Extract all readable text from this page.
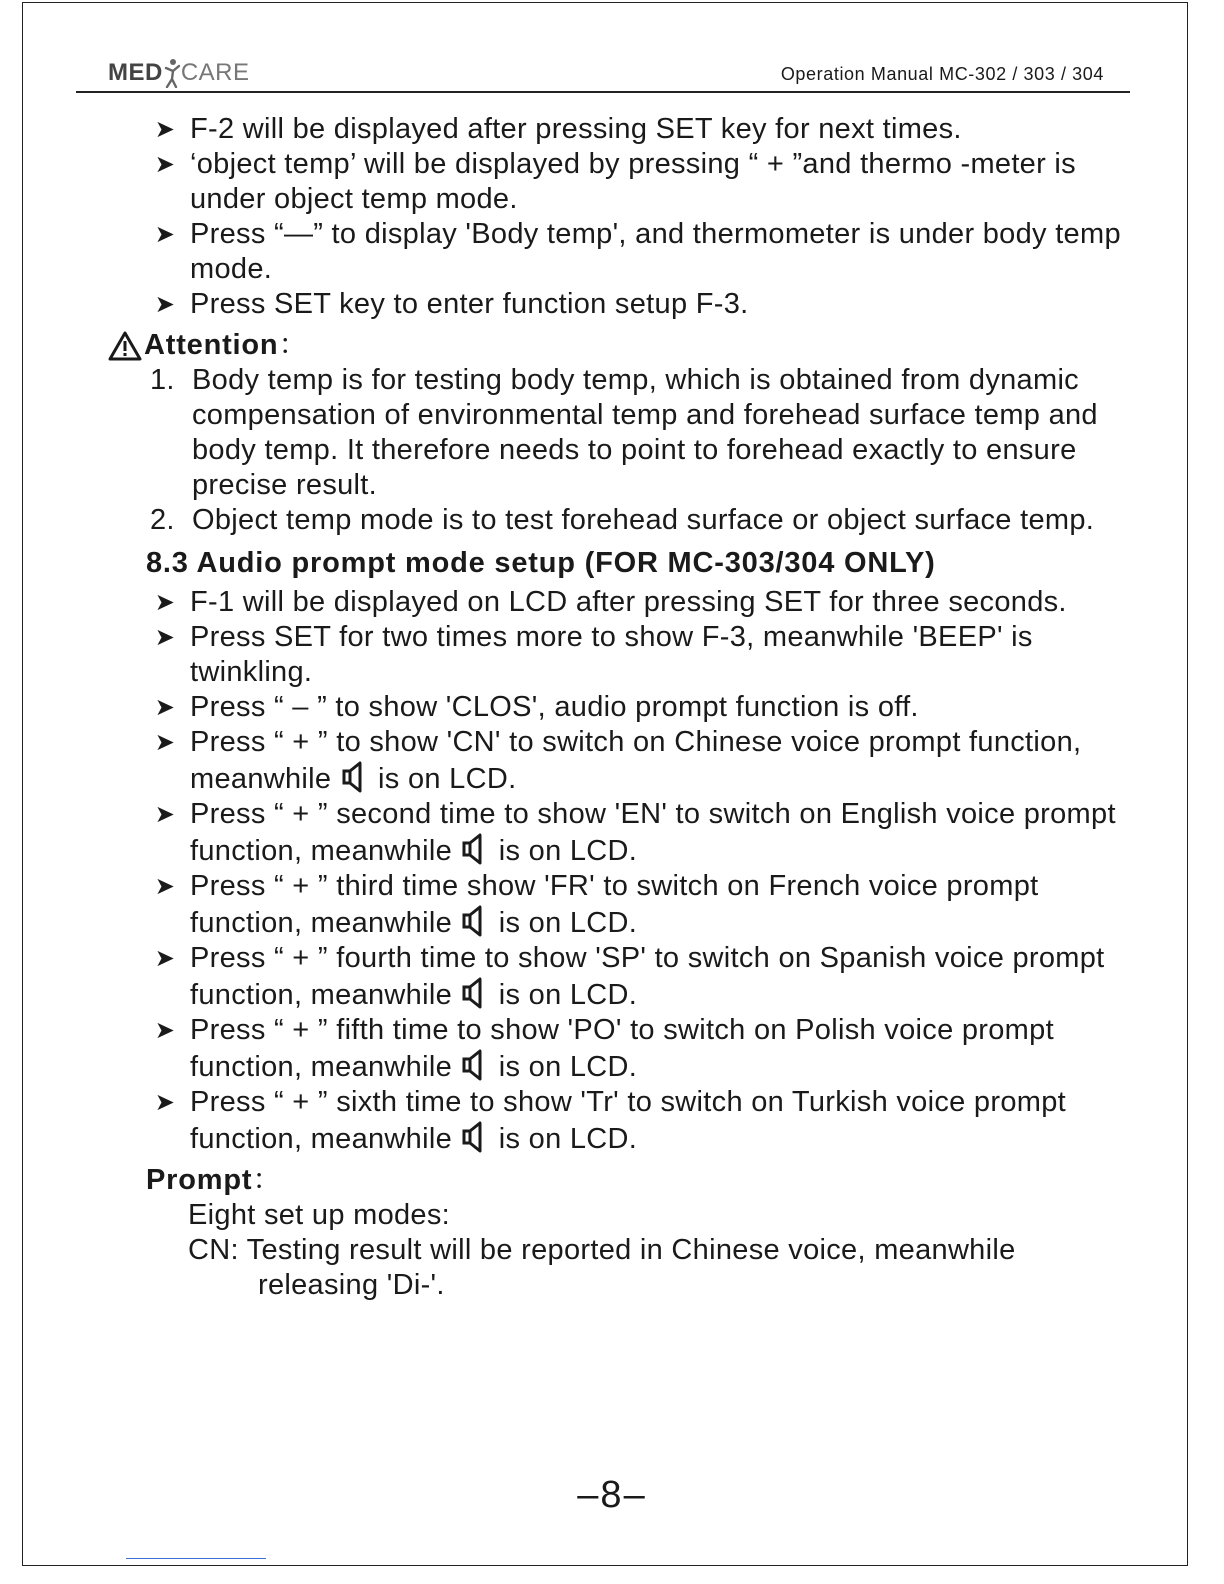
MED CARE	Operation Manual MC-302 / 303 / 304
➤ F-2 will be displayed after pressing SET key for next times.
➤ ‘object temp’ will be displayed by pressing “ + ”and thermo -meter is under object temp mode.
➤ Press “—” to display 'Body temp', and thermometer is under body temp mode.
➤ Press SET key to enter function setup F-3.
Attention ：
1. Body temp is for testing body temp, which is obtained from dynamic compensation of environmental temp and forehead surface temp and body temp. It therefore needs to point to forehead exactly to ensure precise result.
2. Object temp mode is to test forehead surface or object surface temp.
8.3 Audio prompt mode setup (FOR MC-303/304 ONLY)
➤ F-1 will be displayed on LCD after pressing SET for three seconds.
➤ Press SET for two times more to show F-3, meanwhile 'BEEP' is twinkling.
➤ Press “ – ” to show 'CLOS', audio prompt function is off.
➤ Press “ + ” to show 'CN' to switch on Chinese voice prompt function, meanwhile is on LCD.
➤ Press “ + ” second time to show 'EN' to switch on English voice prompt function, meanwhile is on LCD.
➤ Press “ + ” third time show 'FR' to switch on French voice prompt function, meanwhile is on LCD.
➤ Press “ + ” fourth time to show 'SP' to switch on Spanish voice prompt function, meanwhile is on LCD.
➤ Press “ + ” fifth time to show 'PO' to switch on Polish voice prompt function, meanwhile is on LCD.
➤ Press “ + ” sixth time to show 'Tr' to switch on Turkish voice prompt function, meanwhile is on LCD.
Prompt：
Eight set up modes:
CN: Testing result will be reported in Chinese voice, meanwhile
releasing 'Di-'.
–8–
